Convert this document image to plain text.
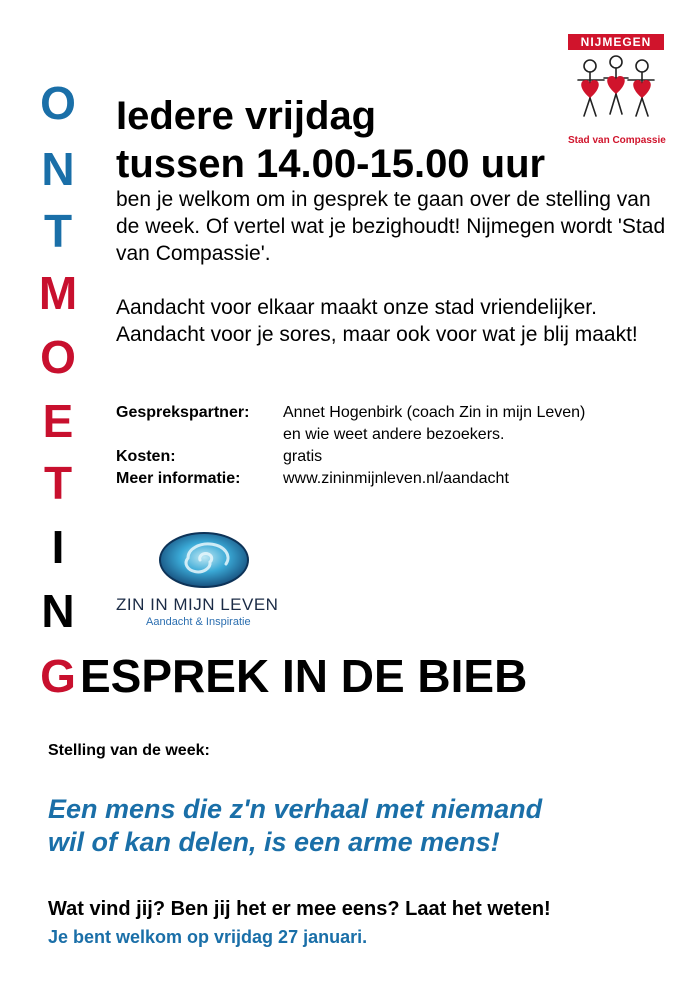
O
N
T
M
O
E
T
I
N
G
Iedere vrijdag
tussen 14.00-15.00 uur

ben je welkom om in gesprek te gaan over de stelling van de week. Of vertel wat je bezighoudt! Nijmegen wordt 'Stad van Compassie'.

Aandacht voor elkaar maakt onze stad vriendelijker. Aandacht voor je sores, maar ook voor wat je blij maakt!

Gesprekspartner:	Annet Hogenbirk (coach Zin in mijn Leven)
en wie weet andere bezoekers.
Kosten:	gratis
Meer informatie:	www.zininmijnleven.nl/aandacht
ZIN IN MIJN LEVEN
Aandacht & Inspiratie
ESPREK IN DE BIEB
Stelling van de week:
Een mens die z'n verhaal met niemand
wil of kan delen, is een arme mens!
Wat vind jij? Ben jij het er mee eens? Laat het weten!
Je bent welkom op vrijdag 27 januari.
NIJMEGEN
Stad van Compassie
